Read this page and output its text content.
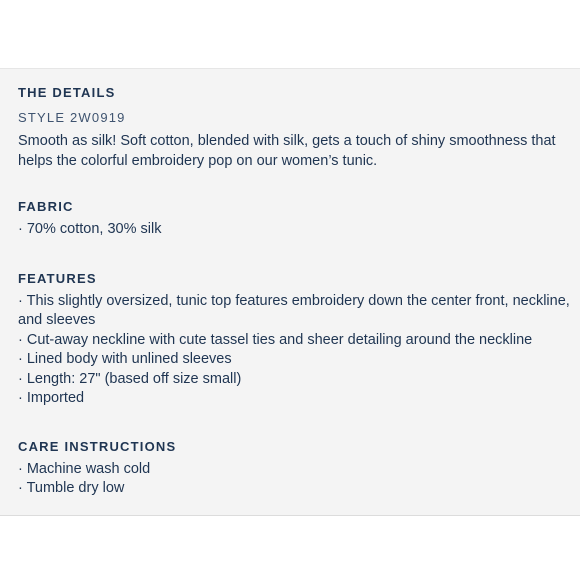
THE DETAILS
STYLE 2W0919
Smooth as silk! Soft cotton, blended with silk, gets a touch of shiny smoothness that helps the colorful embroidery pop on our women’s tunic.
FABRIC
· 70% cotton, 30% silk
FEATURES
· This slightly oversized, tunic top features embroidery down the center front, neckline, and sleeves
· Cut-away neckline with cute tassel ties and sheer detailing around the neckline
· Lined body with unlined sleeves
· Length: 27" (based off size small)
· Imported
CARE INSTRUCTIONS
· Machine wash cold
· Tumble dry low
